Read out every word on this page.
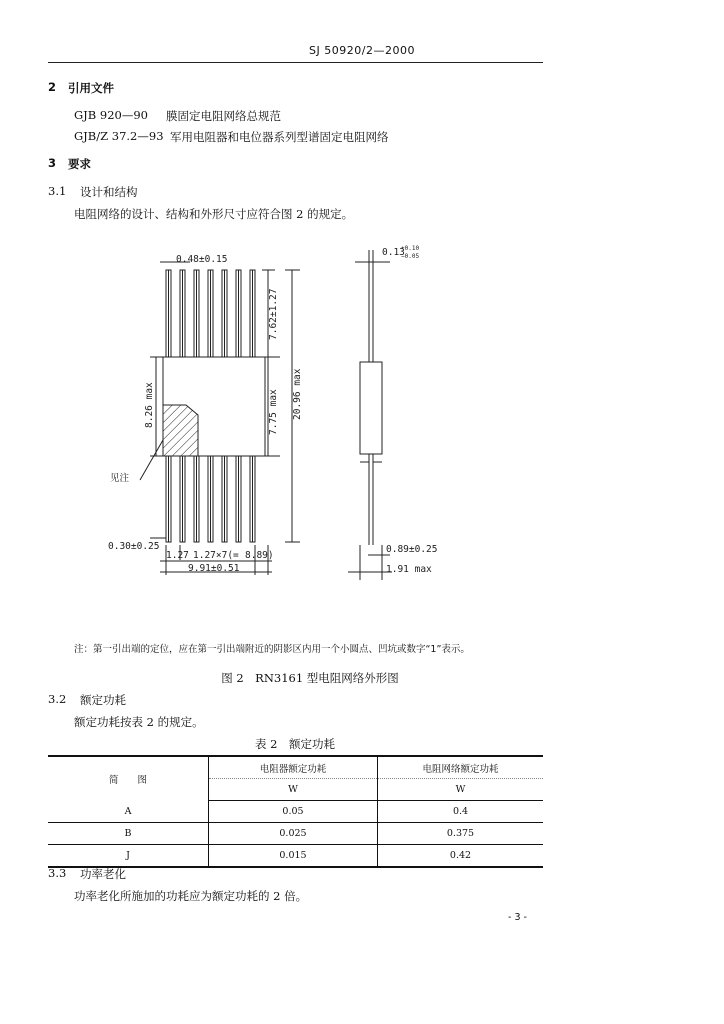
SJ 50920/2—2000
2 引用文件
GJB 920—90 膜固定电阻网络总规范
GJB/Z 37.2—93 军用电阻器和电位器系列型谱固定电阻网络
3 要求
3.1 设计和结构
电阻网络的设计、结构和外形尺寸应符合图 2 的规定。
0.48±0.15
见注
0.30±0.25
1.27 1.27×7(= 8.89)
9.91±0.51
0.13
+0.10
−0.05
0.89±0.25
1.91 max
7.62±1.27
8.26 max	7.75 max 20.96 max
注：第一引出端的定位，应在第一引出端附近的阴影区内用一个小圆点、凹坑或数字“1”表示。
图 2　RN3161 型电阻网络外形图
3.2 额定功耗
额定功耗按表 2 的规定。
表 2　额定功耗
简　　图	电阻器额定功耗	电阻网络额定功耗
	W	W
A	0.05	0.4
B	0.025	0.375
J	0.015	0.42
3.3 功率老化
功率老化所施加的功耗应为额定功耗的 2 倍。
- 3 -
